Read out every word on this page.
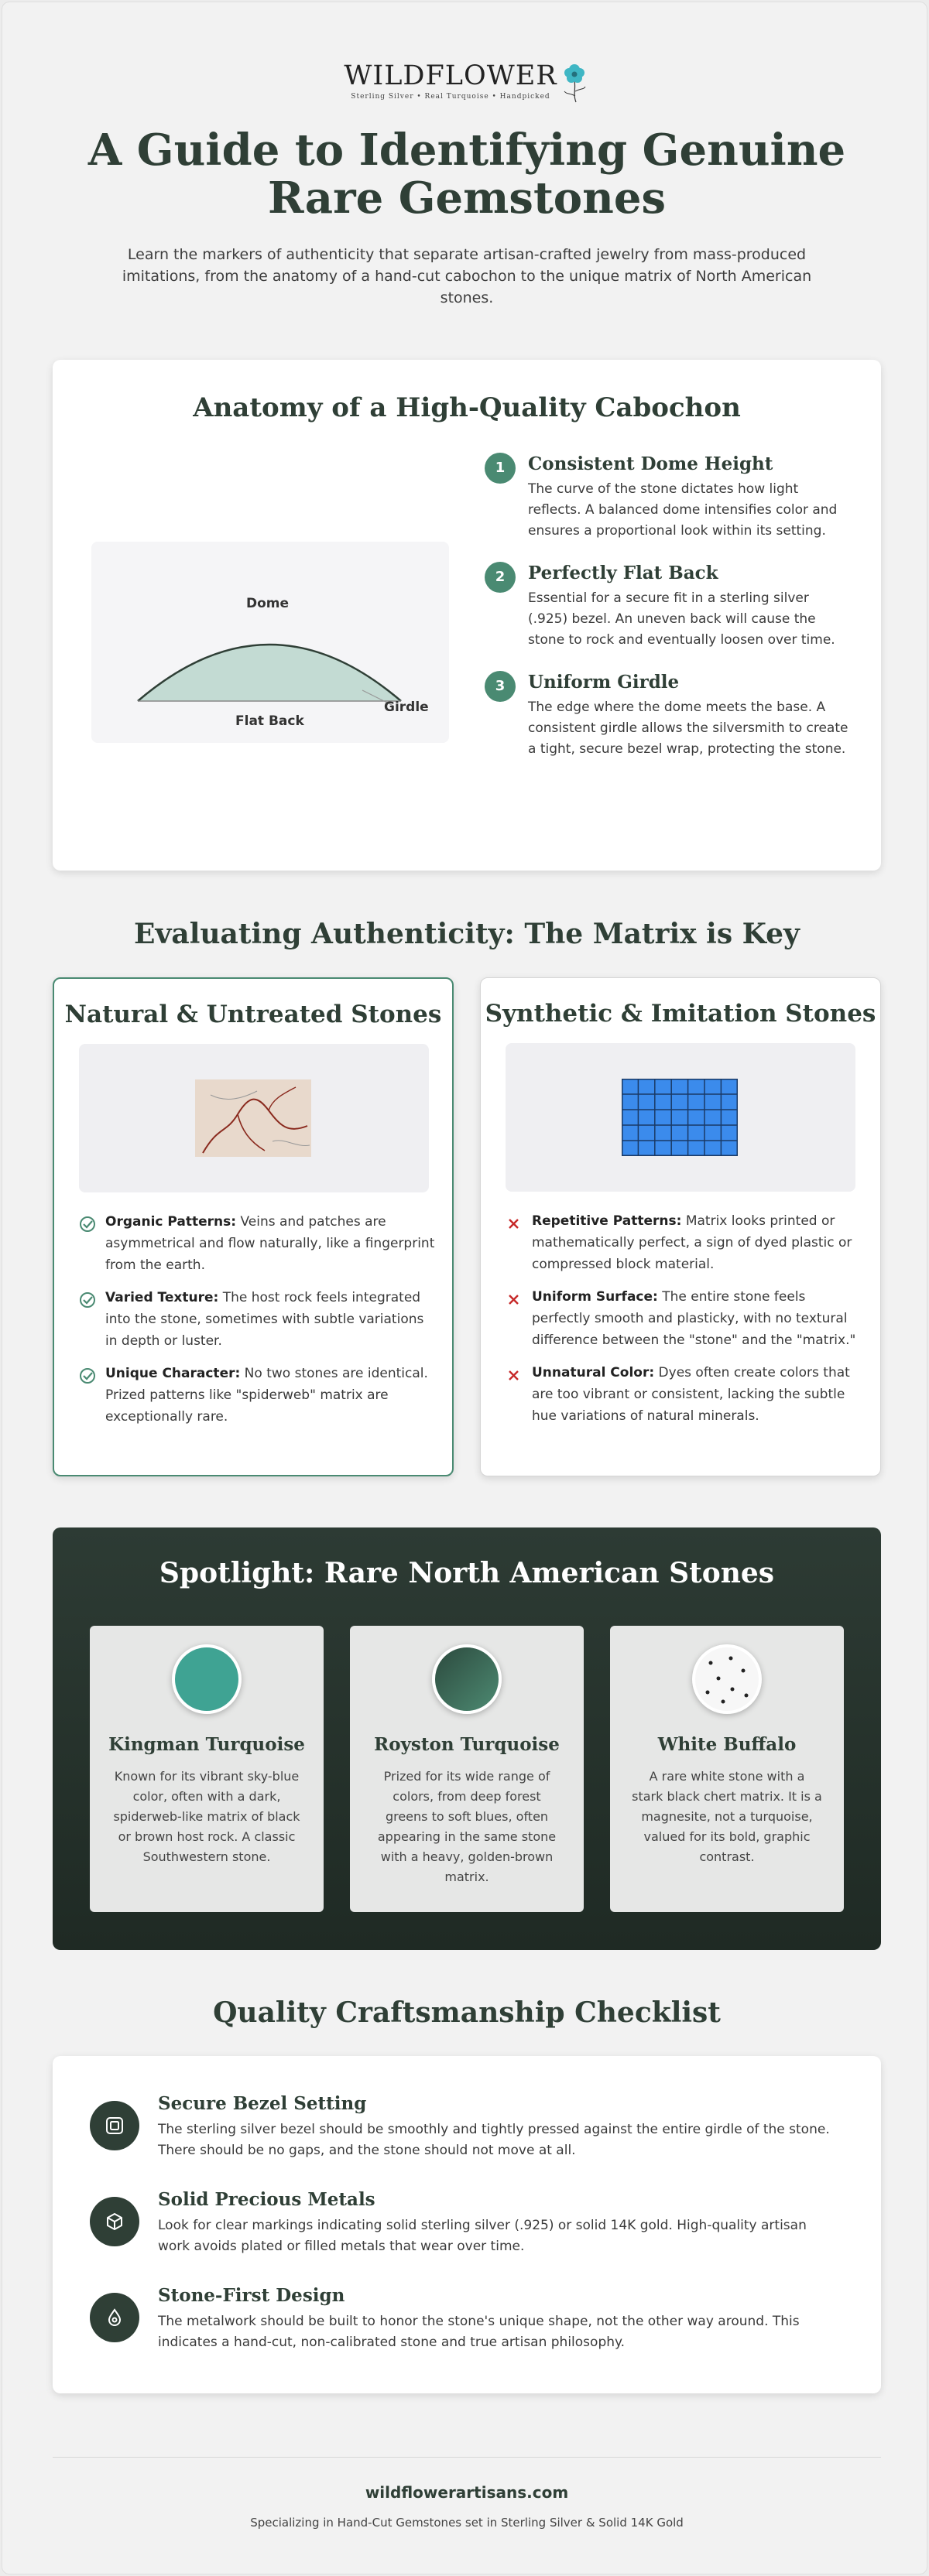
WILDFLOWER
Sterling Silver • Real Turquoise • Handpicked
A Guide to Identifying Genuine Rare Gemstones

Learn the markers of authenticity that separate artisan-crafted jewelry from mass-produced imitations, from the anatomy of a hand-cut cabochon to the unique matrix of North American stones.

Anatomy of a High-Quality Cabochon
Dome
Flat Back
Girdle
1	Consistent Dome Height
The curve of the stone dictates how light reflects. A balanced dome intensifies color and ensures a proportional look within its setting.
2	Perfectly Flat Back
Essential for a secure fit in a sterling silver (.925) bezel. An uneven back will cause the stone to rock and eventually loosen over time.
3	Uniform Girdle
The edge where the dome meets the base. A consistent girdle allows the silversmith to create a tight, secure bezel wrap, protecting the stone.
Evaluating Authenticity: The Matrix is Key
Natural & Untreated Stones
Organic Patterns: Veins and patches are asymmetrical and flow naturally, like a fingerprint from the earth.
Varied Texture: The host rock feels integrated into the stone, sometimes with subtle variations in depth or luster.
Unique Character: No two stones are identical. Prized patterns like "spiderweb" matrix are exceptionally rare.
Synthetic & Imitation Stones
Repetitive Patterns: Matrix looks printed or mathematically perfect, a sign of dyed plastic or compressed block material.
Uniform Surface: The entire stone feels perfectly smooth and plasticky, with no textural difference between the "stone" and the "matrix."
Unnatural Color: Dyes often create colors that are too vibrant or consistent, lacking the subtle hue variations of natural minerals.
Spotlight: Rare North American Stones
Kingman Turquoise
Known for its vibrant sky-blue color, often with a dark, spiderweb-like matrix of black or brown host rock. A classic Southwestern stone.
Royston Turquoise
Prized for its wide range of colors, from deep forest greens to soft blues, often appearing in the same stone with a heavy, golden-brown matrix.
White Buffalo
A rare white stone with a stark black chert matrix. It is a magnesite, not a turquoise, valued for its bold, graphic contrast.
Quality Craftsmanship Checklist
Secure Bezel Setting
The sterling silver bezel should be smoothly and tightly pressed against the entire girdle of the stone. There should be no gaps, and the stone should not move at all.
Solid Precious Metals
Look for clear markings indicating solid sterling silver (.925) or solid 14K gold. High-quality artisan work avoids plated or filled metals that wear over time.
Stone-First Design
The metalwork should be built to honor the stone's unique shape, not the other way around. This indicates a hand-cut, non-calibrated stone and true artisan philosophy.
wildflowerartisans.com
Specializing in Hand-Cut Gemstones set in Sterling Silver & Solid 14K Gold
